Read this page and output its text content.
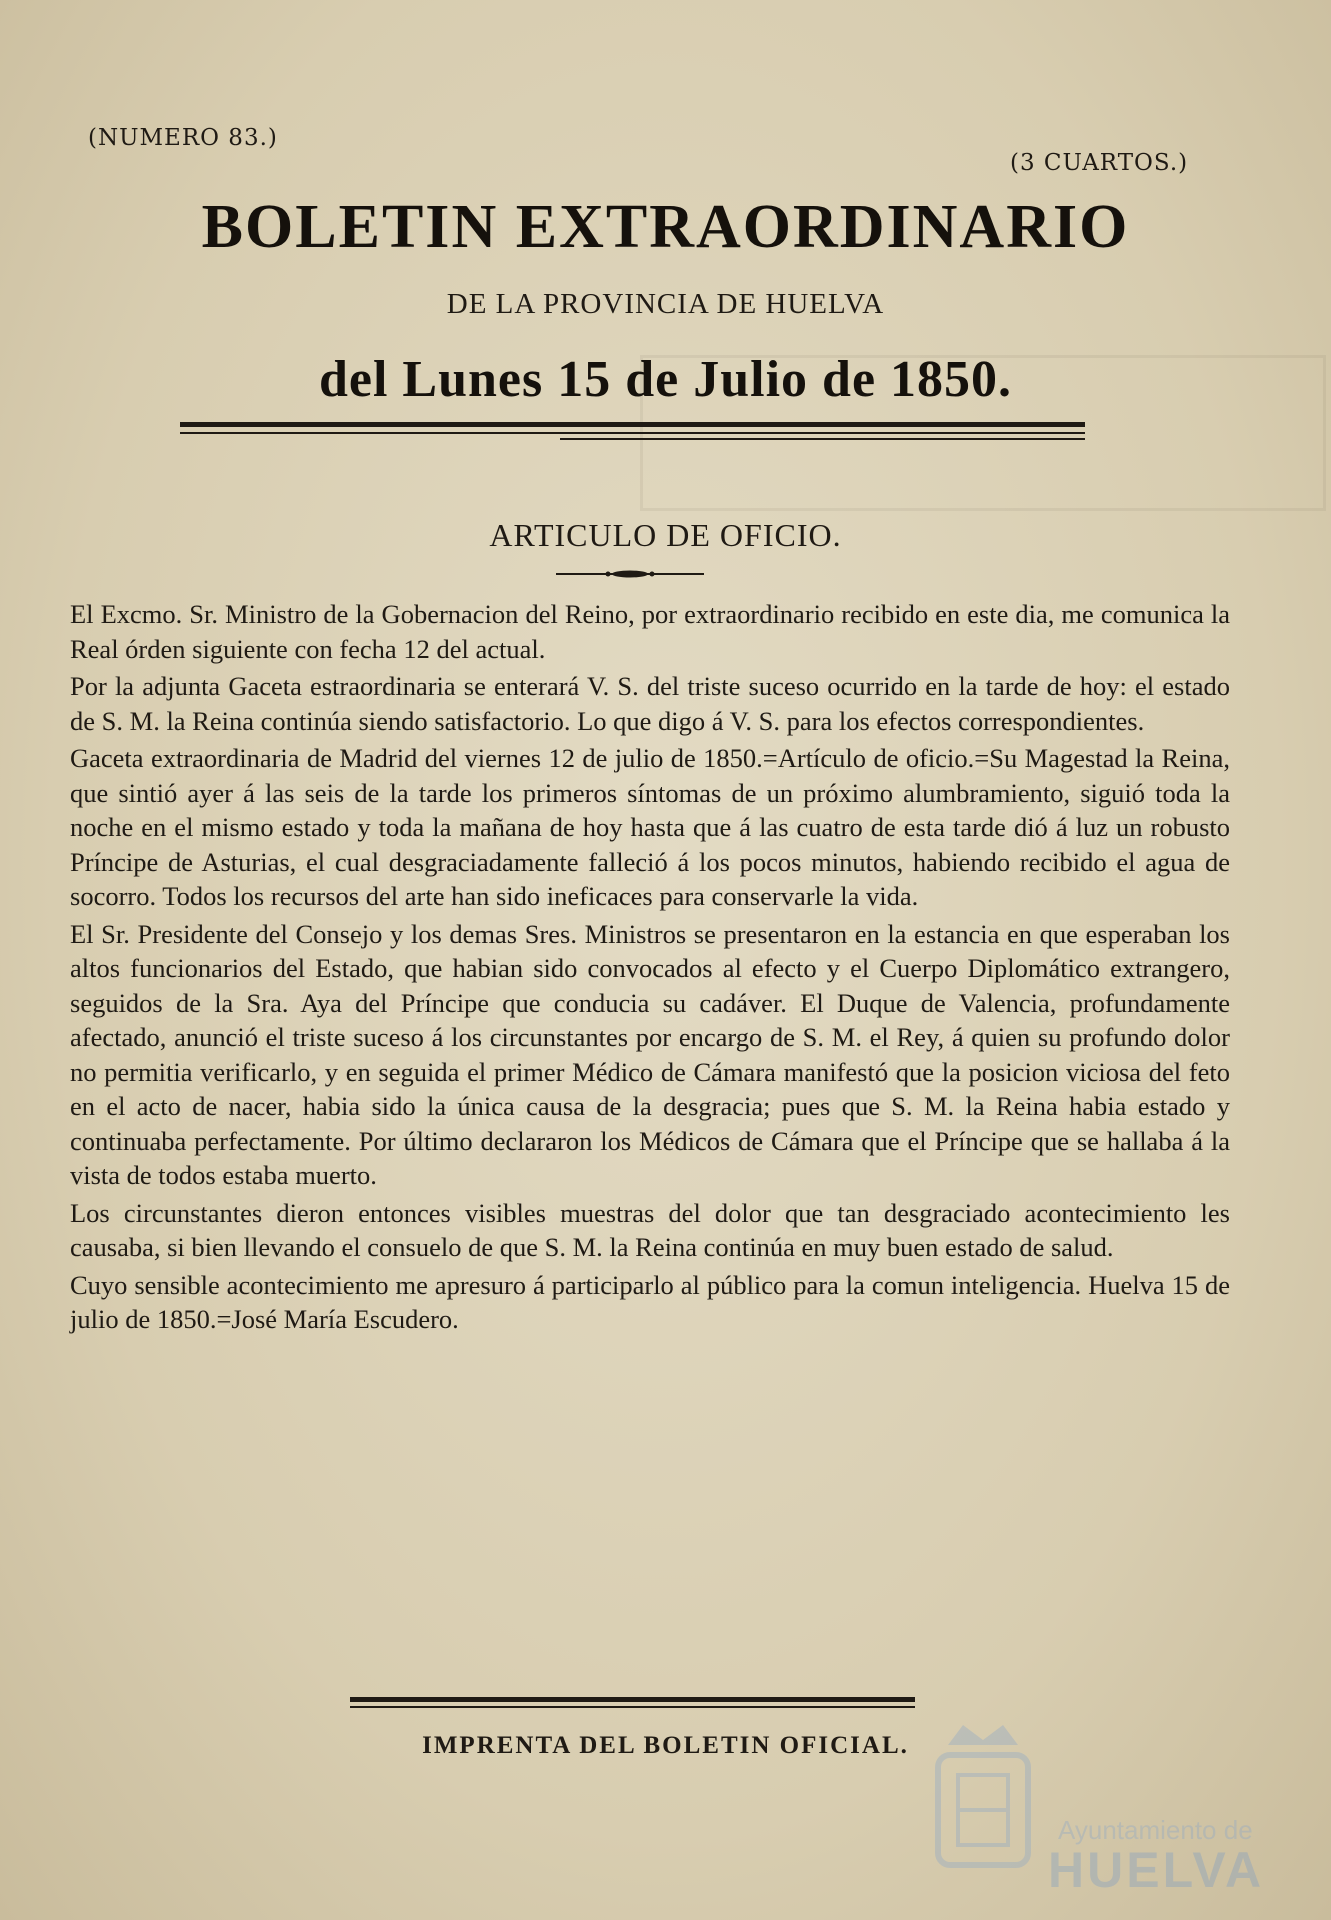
(NUMERO 83.)
(3 CUARTOS.)
BOLETIN EXTRAORDINARIO
DE LA PROVINCIA DE HUELVA
del Lunes 15 de Julio de 1850.
ARTICULO DE OFICIO.

El Excmo. Sr. Ministro de la Gobernacion del Reino, por extraordinario recibido en este dia, me comunica la Real órden siguiente con fecha 12 del actual.

Por la adjunta Gaceta estraordinaria se enterará V. S. del triste suceso ocurrido en la tarde de hoy: el estado de S. M. la Reina continúa siendo satisfactorio. Lo que digo á V. S. para los efectos correspondientes.

Gaceta extraordinaria de Madrid del viernes 12 de julio de 1850.=Artículo de oficio.=Su Magestad la Reina, que sintió ayer á las seis de la tarde los primeros síntomas de un próximo alumbramiento, siguió toda la noche en el mismo estado y toda la mañana de hoy hasta que á las cuatro de esta tarde dió á luz un robusto Príncipe de Asturias, el cual desgraciadamente falleció á los pocos minutos, habiendo recibido el agua de socorro. Todos los recursos del arte han sido ineficaces para conservarle la vida.

El Sr. Presidente del Consejo y los demas Sres. Ministros se presentaron en la estancia en que esperaban los altos funcionarios del Estado, que habian sido convocados al efecto y el Cuerpo Diplomático extrangero, seguidos de la Sra. Aya del Príncipe que conducia su cadáver. El Duque de Valencia, profundamente afectado, anunció el triste suceso á los circunstantes por encargo de S. M. el Rey, á quien su profundo dolor no permitia verificarlo, y en seguida el primer Médico de Cámara manifestó que la posicion viciosa del feto en el acto de nacer, habia sido la única causa de la desgracia; pues que S. M. la Reina habia estado y continuaba perfectamente. Por último declararon los Médicos de Cámara que el Príncipe que se hallaba á la vista de todos estaba muerto.

Los circunstantes dieron entonces visibles muestras del dolor que tan desgraciado acontecimiento les causaba, si bien llevando el consuelo de que S. M. la Reina continúa en muy buen estado de salud.

Cuyo sensible acontecimiento me apresuro á participarlo al público para la comun inteligencia. Huelva 15 de julio de 1850.=José María Escudero.

IMPRENTA DEL BOLETIN OFICIAL.
Ayuntamiento de
HUELVA
